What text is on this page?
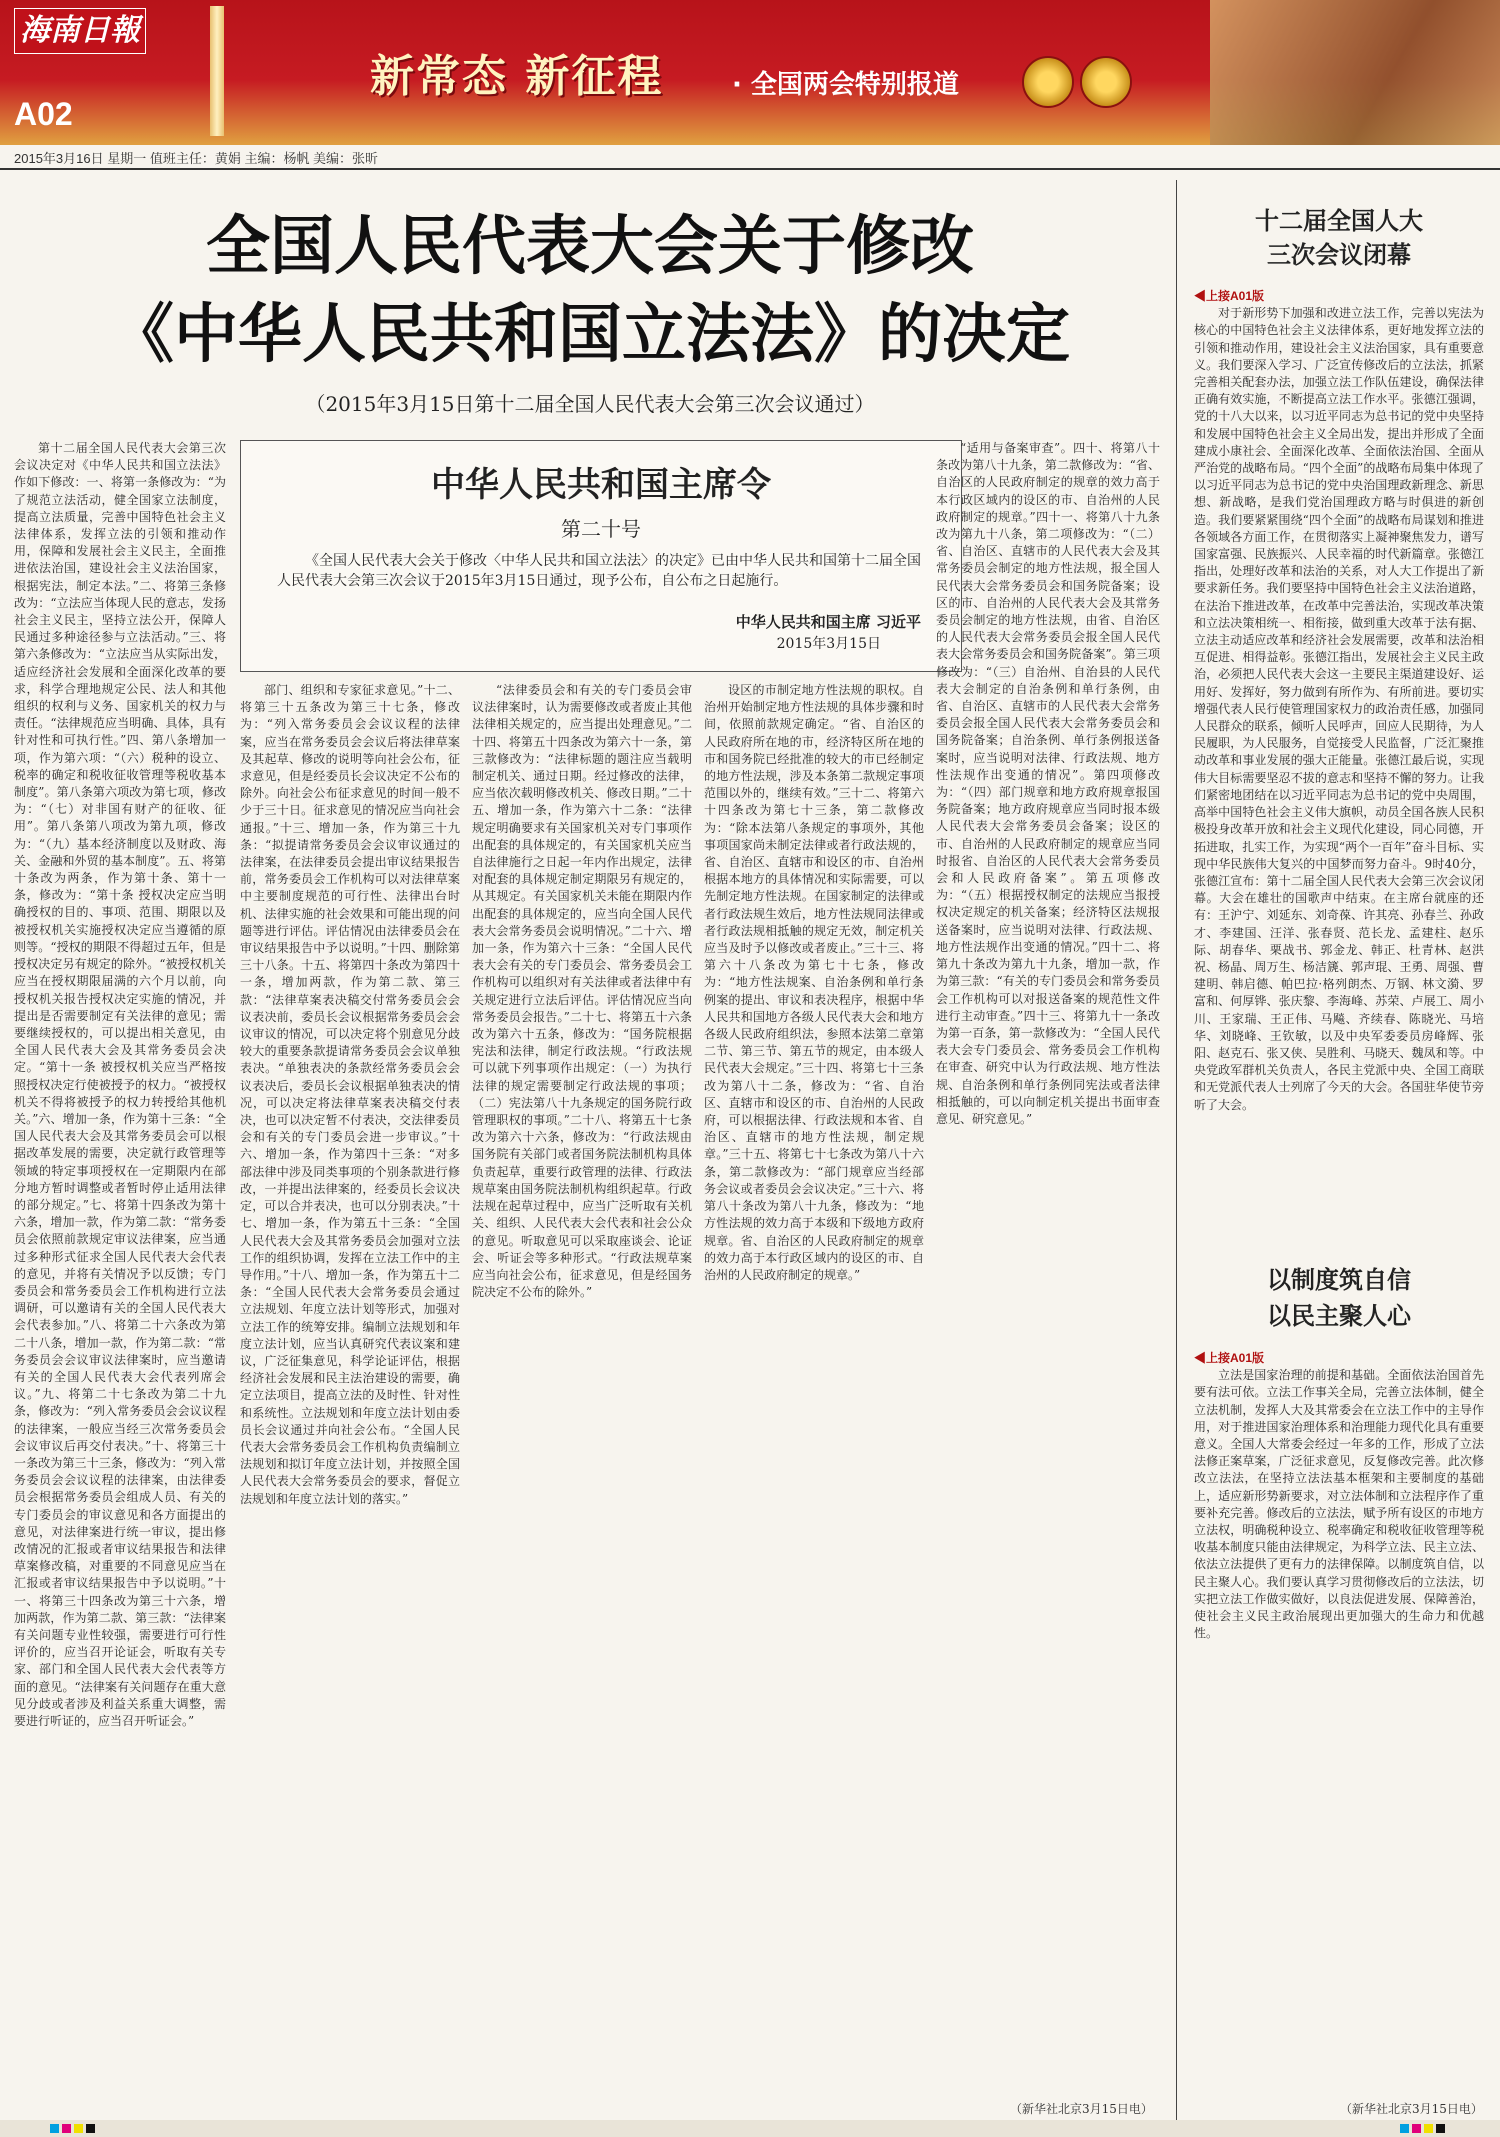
海南日報
A02
新常态 新征程	· 全国两会特别报道
2015年3月16日 星期一 值班主任：黄娟 主编：杨帆 美编：张昕
全国人民代表大会关于修改
《中华人民共和国立法法》的决定
（2015年3月15日第十二届全国人民代表大会第三次会议通过）
中华人民共和国主席令
第二十号
《全国人民代表大会关于修改〈中华人民共和国立法法〉的决定》已由中华人民共和国第十二届全国人民代表大会第三次会议于2015年3月15日通过，现予公布，自公布之日起施行。
中华人民共和国主席 习近平
2015年3月15日

第十二届全国人民代表大会第三次会议决定对《中华人民共和国立法法》作如下修改：一、将第一条修改为：“为了规范立法活动，健全国家立法制度，提高立法质量，完善中国特色社会主义法律体系，发挥立法的引领和推动作用，保障和发展社会主义民主，全面推进依法治国，建设社会主义法治国家，根据宪法，制定本法。”二、将第三条修改为：“立法应当体现人民的意志，发扬社会主义民主，坚持立法公开，保障人民通过多种途径参与立法活动。”三、将第六条修改为：“立法应当从实际出发，适应经济社会发展和全面深化改革的要求，科学合理地规定公民、法人和其他组织的权利与义务、国家机关的权力与责任。“法律规范应当明确、具体，具有针对性和可执行性。”四、第八条增加一项，作为第六项：“（六）税种的设立、税率的确定和税收征收管理等税收基本制度”。第八条第六项改为第七项，修改为：“（七）对非国有财产的征收、征用”。第八条第八项改为第九项，修改为：“（九）基本经济制度以及财政、海关、金融和外贸的基本制度”。五、将第十条改为两条，作为第十条、第十一条，修改为：“第十条 授权决定应当明确授权的目的、事项、范围、期限以及被授权机关实施授权决定应当遵循的原则等。“授权的期限不得超过五年，但是授权决定另有规定的除外。“被授权机关应当在授权期限届满的六个月以前，向授权机关报告授权决定实施的情况，并提出是否需要制定有关法律的意见；需要继续授权的，可以提出相关意见，由全国人民代表大会及其常务委员会决定。“第十一条 被授权机关应当严格按照授权决定行使被授予的权力。“被授权机关不得将被授予的权力转授给其他机关。”六、增加一条，作为第十三条：“全国人民代表大会及其常务委员会可以根据改革发展的需要，决定就行政管理等领域的特定事项授权在一定期限内在部分地方暂时调整或者暂时停止适用法律的部分规定。”七、将第十四条改为第十六条，增加一款，作为第二款：“常务委员会依照前款规定审议法律案，应当通过多种形式征求全国人民代表大会代表的意见，并将有关情况予以反馈；专门委员会和常务委员会工作机构进行立法调研，可以邀请有关的全国人民代表大会代表参加。”八、将第二十六条改为第二十八条，增加一款，作为第二款：“常务委员会会议审议法律案时，应当邀请有关的全国人民代表大会代表列席会议。”九、将第二十七条改为第二十九条，修改为：“列入常务委员会会议议程的法律案，一般应当经三次常务委员会会议审议后再交付表决。”十、将第三十一条改为第三十三条，修改为：“列入常务委员会会议议程的法律案，由法律委员会根据常务委员会组成人员、有关的专门委员会的审议意见和各方面提出的意见，对法律案进行统一审议，提出修改情况的汇报或者审议结果报告和法律草案修改稿，对重要的不同意见应当在汇报或者审议结果报告中予以说明。”十一、将第三十四条改为第三十六条，增加两款，作为第二款、第三款：“法律案有关问题专业性较强，需要进行可行性评价的，应当召开论证会，听取有关专家、部门和全国人民代表大会代表等方面的意见。“法律案有关问题存在重大意见分歧或者涉及利益关系重大调整，需要进行听证的，应当召开听证会。”

部门、组织和专家征求意见。”十二、将第三十五条改为第三十七条，修改为：“列入常务委员会会议议程的法律案，应当在常务委员会会议后将法律草案及其起草、修改的说明等向社会公布，征求意见，但是经委员长会议决定不公布的除外。向社会公布征求意见的时间一般不少于三十日。征求意见的情况应当向社会通报。”十三、增加一条，作为第三十九条：“拟提请常务委员会会议审议通过的法律案，在法律委员会提出审议结果报告前，常务委员会工作机构可以对法律草案中主要制度规范的可行性、法律出台时机、法律实施的社会效果和可能出现的问题等进行评估。评估情况由法律委员会在审议结果报告中予以说明。”十四、删除第三十八条。十五、将第四十条改为第四十一条，增加两款，作为第二款、第三款：“法律草案表决稿交付常务委员会会议表决前，委员长会议根据常务委员会会议审议的情况，可以决定将个别意见分歧较大的重要条款提请常务委员会会议单独表决。“单独表决的条款经常务委员会会议表决后，委员长会议根据单独表决的情况，可以决定将法律草案表决稿交付表决，也可以决定暂不付表决，交法律委员会和有关的专门委员会进一步审议。”十六、增加一条，作为第四十三条：“对多部法律中涉及同类事项的个别条款进行修改，一并提出法律案的，经委员长会议决定，可以合并表决，也可以分别表决。”十七、增加一条，作为第五十三条：“全国人民代表大会及其常务委员会加强对立法工作的组织协调，发挥在立法工作中的主导作用。”十八、增加一条，作为第五十二条：“全国人民代表大会常务委员会通过立法规划、年度立法计划等形式，加强对立法工作的统筹安排。编制立法规划和年度立法计划，应当认真研究代表议案和建议，广泛征集意见，科学论证评估，根据经济社会发展和民主法治建设的需要，确定立法项目，提高立法的及时性、针对性和系统性。立法规划和年度立法计划由委员长会议通过并向社会公布。“全国人民代表大会常务委员会工作机构负责编制立法规划和拟订年度立法计划，并按照全国人民代表大会常务委员会的要求，督促立法规划和年度立法计划的落实。”

“法律委员会和有关的专门委员会审议法律案时，认为需要修改或者废止其他法律相关规定的，应当提出处理意见。”二十四、将第五十四条改为第六十一条，第三款修改为：“法律标题的题注应当载明制定机关、通过日期。经过修改的法律，应当依次载明修改机关、修改日期。”二十五、增加一条，作为第六十二条：“法律规定明确要求有关国家机关对专门事项作出配套的具体规定的，有关国家机关应当自法律施行之日起一年内作出规定，法律对配套的具体规定制定期限另有规定的，从其规定。有关国家机关未能在期限内作出配套的具体规定的，应当向全国人民代表大会常务委员会说明情况。”二十六、增加一条，作为第六十三条：“全国人民代表大会有关的专门委员会、常务委员会工作机构可以组织对有关法律或者法律中有关规定进行立法后评估。评估情况应当向常务委员会报告。”二十七、将第五十六条改为第六十五条，修改为：“国务院根据宪法和法律，制定行政法规。“行政法规可以就下列事项作出规定：（一）为执行法律的规定需要制定行政法规的事项；（二）宪法第八十九条规定的国务院行政管理职权的事项。”二十八、将第五十七条改为第六十六条，修改为：“行政法规由国务院有关部门或者国务院法制机构具体负责起草，重要行政管理的法律、行政法规草案由国务院法制机构组织起草。行政法规在起草过程中，应当广泛听取有关机关、组织、人民代表大会代表和社会公众的意见。听取意见可以采取座谈会、论证会、听证会等多种形式。“行政法规草案应当向社会公布，征求意见，但是经国务院决定不公布的除外。”

设区的市制定地方性法规的职权。自治州开始制定地方性法规的具体步骤和时间，依照前款规定确定。“省、自治区的人民政府所在地的市，经济特区所在地的市和国务院已经批准的较大的市已经制定的地方性法规，涉及本条第二款规定事项范围以外的，继续有效。”三十二、将第六十四条改为第七十三条，第二款修改为：“除本法第八条规定的事项外，其他事项国家尚未制定法律或者行政法规的，省、自治区、直辖市和设区的市、自治州根据本地方的具体情况和实际需要，可以先制定地方性法规。在国家制定的法律或者行政法规生效后，地方性法规同法律或者行政法规相抵触的规定无效，制定机关应当及时予以修改或者废止。”三十三、将第六十八条改为第七十七条，修改为：“地方性法规案、自治条例和单行条例案的提出、审议和表决程序，根据中华人民共和国地方各级人民代表大会和地方各级人民政府组织法，参照本法第二章第二节、第三节、第五节的规定，由本级人民代表大会规定。”三十四、将第七十三条改为第八十二条，修改为：“省、自治区、直辖市和设区的市、自治州的人民政府，可以根据法律、行政法规和本省、自治区、直辖市的地方性法规，制定规章。”三十五、将第七十七条改为第八十六条，第二款修改为：“部门规章应当经部务会议或者委员会会议决定。”三十六、将第八十条改为第八十九条，修改为：“地方性法规的效力高于本级和下级地方政府规章。省、自治区的人民政府制定的规章的效力高于本行政区域内的设区的市、自治州的人民政府制定的规章。”

“适用与备案审查”。四十、将第八十条改为第八十九条，第二款修改为：“省、自治区的人民政府制定的规章的效力高于本行政区域内的设区的市、自治州的人民政府制定的规章。”四十一、将第八十九条改为第九十八条，第二项修改为：“（二）省、自治区、直辖市的人民代表大会及其常务委员会制定的地方性法规，报全国人民代表大会常务委员会和国务院备案；设区的市、自治州的人民代表大会及其常务委员会制定的地方性法规，由省、自治区的人民代表大会常务委员会报全国人民代表大会常务委员会和国务院备案”。第三项修改为：“（三）自治州、自治县的人民代表大会制定的自治条例和单行条例，由省、自治区、直辖市的人民代表大会常务委员会报全国人民代表大会常务委员会和国务院备案；自治条例、单行条例报送备案时，应当说明对法律、行政法规、地方性法规作出变通的情况”。第四项修改为：“（四）部门规章和地方政府规章报国务院备案；地方政府规章应当同时报本级人民代表大会常务委员会备案；设区的市、自治州的人民政府制定的规章应当同时报省、自治区的人民代表大会常务委员会和人民政府备案”。第五项修改为：“（五）根据授权制定的法规应当报授权决定规定的机关备案；经济特区法规报送备案时，应当说明对法律、行政法规、地方性法规作出变通的情况。”四十二、将第九十条改为第九十九条，增加一款，作为第三款：“有关的专门委员会和常务委员会工作机构可以对报送备案的规范性文件进行主动审查。”四十三、将第九十一条改为第一百条，第一款修改为：“全国人民代表大会专门委员会、常务委员会工作机构在审查、研究中认为行政法规、地方性法规、自治条例和单行条例同宪法或者法律相抵触的，可以向制定机关提出书面审查意见、研究意见。”

（新华社北京3月15日电）
十二届全国人大
三次会议闭幕
◀上接A01版

对于新形势下加强和改进立法工作，完善以宪法为核心的中国特色社会主义法律体系，更好地发挥立法的引领和推动作用，建设社会主义法治国家，具有重要意义。我们要深入学习、广泛宣传修改后的立法法，抓紧完善相关配套办法，加强立法工作队伍建设，确保法律正确有效实施，不断提高立法工作水平。张德江强调，党的十八大以来，以习近平同志为总书记的党中央坚持和发展中国特色社会主义全局出发，提出并形成了全面建成小康社会、全面深化改革、全面依法治国、全面从严治党的战略布局。“四个全面”的战略布局集中体现了以习近平同志为总书记的党中央治国理政新理念、新思想、新战略，是我们党治国理政方略与时俱进的新创造。我们要紧紧围绕“四个全面”的战略布局谋划和推进各领域各方面工作，在贯彻落实上凝神聚焦发力，谱写国家富强、民族振兴、人民幸福的时代新篇章。张德江指出，处理好改革和法治的关系，对人大工作提出了新要求新任务。我们要坚持中国特色社会主义法治道路，在法治下推进改革，在改革中完善法治，实现改革决策和立法决策相统一、相衔接，做到重大改革于法有据、立法主动适应改革和经济社会发展需要，改革和法治相互促进、相得益彰。张德江指出，发展社会主义民主政治，必须把人民代表大会这一主要民主渠道建设好、运用好、发挥好，努力做到有所作为、有所前进。要切实增强代表人民行使管理国家权力的政治责任感，加强同人民群众的联系，倾听人民呼声，回应人民期待，为人民履职，为人民服务，自觉接受人民监督，广泛汇聚推动改革和事业发展的强大正能量。张德江最后说，实现伟大目标需要坚忍不拔的意志和坚持不懈的努力。让我们紧密地团结在以习近平同志为总书记的党中央周围，高举中国特色社会主义伟大旗帜，动员全国各族人民积极投身改革开放和社会主义现代化建设，同心同德，开拓进取，扎实工作，为实现“两个一百年”奋斗目标、实现中华民族伟大复兴的中国梦而努力奋斗。9时40分，张德江宣布：第十二届全国人民代表大会第三次会议闭幕。大会在雄壮的国歌声中结束。在主席台就座的还有：王沪宁、刘延东、刘奇葆、许其亮、孙春兰、孙政才、李建国、汪洋、张春贤、范长龙、孟建柱、赵乐际、胡春华、栗战书、郭金龙、韩正、杜青林、赵洪祝、杨晶、周万生、杨洁篪、郭声琨、王勇、周强、曹建明、韩启德、帕巴拉·格列朗杰、万钢、林文漪、罗富和、何厚铧、张庆黎、李海峰、苏荣、卢展工、周小川、王家瑞、王正伟、马飚、齐续春、陈晓光、马培华、刘晓峰、王钦敏，以及中央军委委员房峰辉、张阳、赵克石、张又侠、吴胜利、马晓天、魏凤和等。中央党政军群机关负责人，各民主党派中央、全国工商联和无党派代表人士列席了今天的大会。各国驻华使节旁听了大会。

以制度筑自信
以民主聚人心
◀上接A01版

立法是国家治理的前提和基础。全面依法治国首先要有法可依。立法工作事关全局，完善立法体制，健全立法机制，发挥人大及其常委会在立法工作中的主导作用，对于推进国家治理体系和治理能力现代化具有重要意义。全国人大常委会经过一年多的工作，形成了立法法修正案草案，广泛征求意见，反复修改完善。此次修改立法法，在坚持立法法基本框架和主要制度的基础上，适应新形势新要求，对立法体制和立法程序作了重要补充完善。修改后的立法法，赋予所有设区的市地方立法权，明确税种设立、税率确定和税收征收管理等税收基本制度只能由法律规定，为科学立法、民主立法、依法立法提供了更有力的法律保障。以制度筑自信，以民主聚人心。我们要认真学习贯彻修改后的立法法，切实把立法工作做实做好，以良法促进发展、保障善治，使社会主义民主政治展现出更加强大的生命力和优越性。

（新华社北京3月15日电）
